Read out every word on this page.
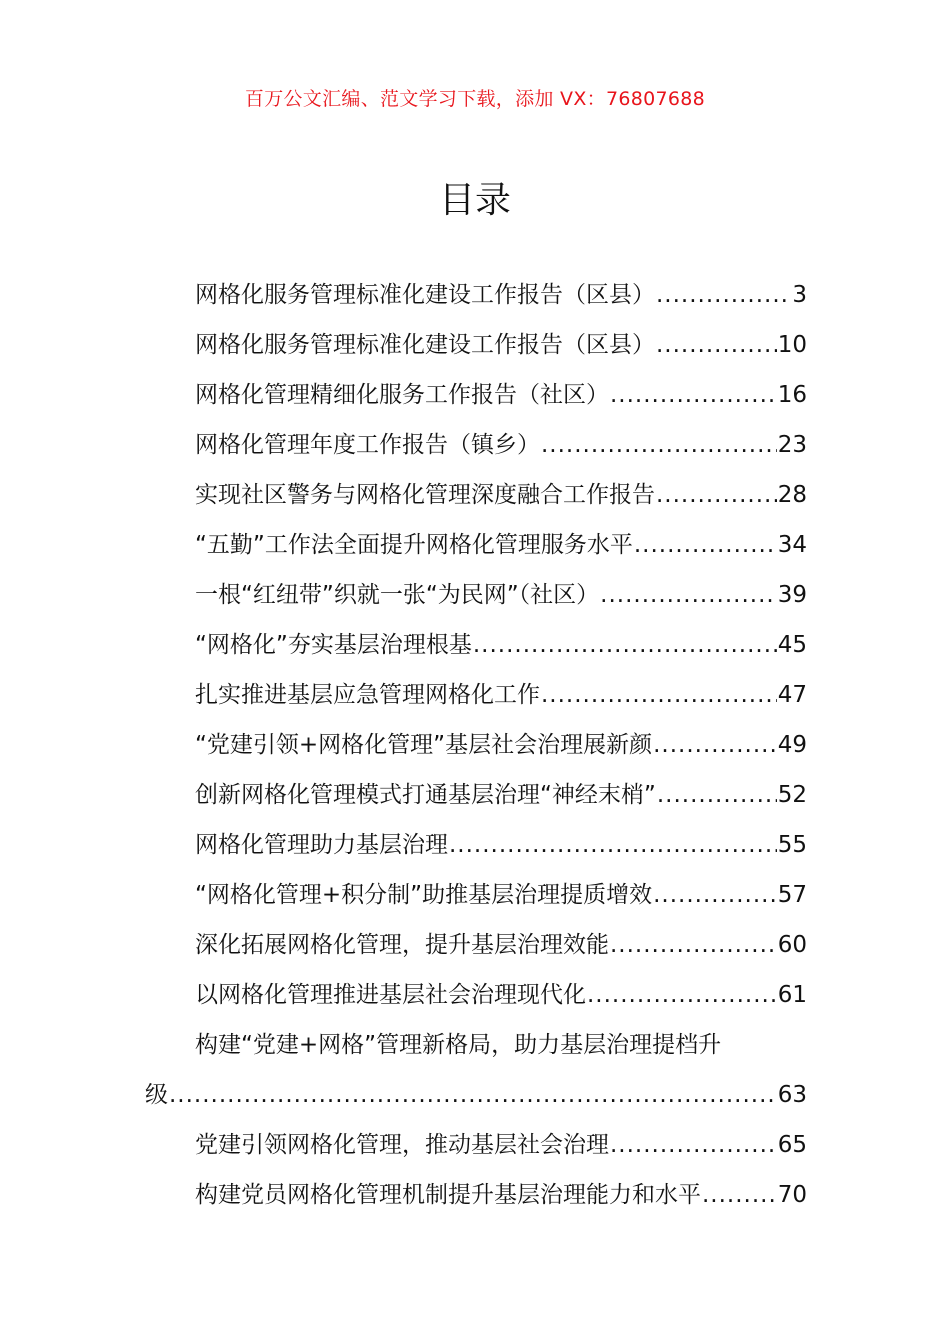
百万公文汇编、范文学习下载，添加 VX：76807688
目录
网格化服务管理标准化建设工作报告（区县） .....	3
网格化服务管理标准化建设工作报告（区县） .....	10
网格化管理精细化服务工作报告（社区） .....	16
网格化管理年度工作报告（镇乡） .....	23
实现社区警务与网格化管理深度融合工作报告 .....	28
“五勤”工作法全面提升网格化管理服务水平 .....	34
一根“红纽带”织就一张“为民网”（社区） .....	39
“网格化”夯实基层治理根基 .....	45
扎实推进基层应急管理网格化工作 .....	47
“党建引领+网格化管理”基层社会治理展新颜 .....	49
创新网格化管理模式打通基层治理“神经末梢” .....	52
网格化管理助力基层治理 .....	55
“网格化管理+积分制”助推基层治理提质增效 .....	57
深化拓展网格化管理，提升基层治理效能 .....	60
以网格化管理推进基层社会治理现代化 .....	61
构建“党建+网格”管理新格局，助力基层治理提档升
级 .....	63
党建引领网格化管理，推动基层社会治理 .....	65
构建党员网格化管理机制提升基层治理能力和水平 .....	70
